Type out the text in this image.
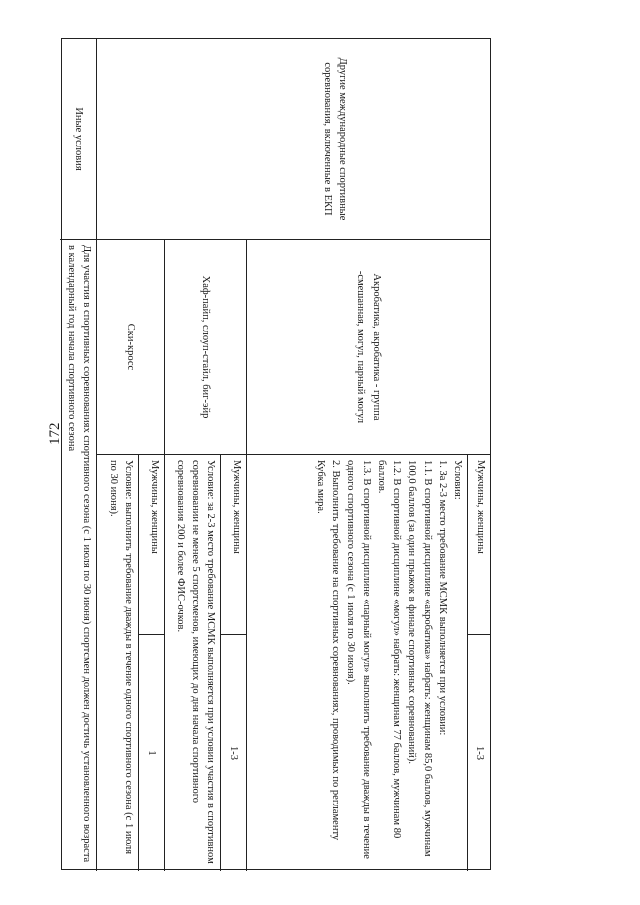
172
Другие международные спортивные соревнования, включенные в ЕКП
Акробатика, акробатика - группа -смешанная, могул, парный могул
Мужчины, женщины
1-3

Условия:

1. За 2-3 место требование МСМК выполняется при условии:

1.1. В спортивной дисциплине «акробатика» набрать: женщинам 85,0 баллов, мужчинам 100,0 баллов (за один прыжок в финале спортивных соревнований).

1.2. В спортивной дисциплине «могул» набрать: женщинам 77 баллов, мужчинам 80 баллов.

1.3. В спортивной дисциплине «парный могул» выполнить требование дважды в течение одного спортивного сезона (с 1 июля по 30 июня).

2. Выполнить требование на спортивных соревнованиях, проводимых по регламенту Кубка мира.

Хаф-пайп, слоуп-стайл, биг-эйр
Мужчины, женщины
1-3

Условие: за 2-3 место требование МСМК выполняется при условии участия в спортивном соревновании не менее 5 спортсменов, имеющих до дня начала спортивного соревнования 200 и более ФИС-очков.

Ски-кросс
Мужчины, женщины
1

Условие: выполнить требование дважды в течение одного спортивного сезона (с 1 июля по 30 июня).

Иные условия
Для участия в спортивных соревнованиях спортивного сезона (с 1 июля по 30 июня) спортсмен должен достичь установленного возраста в календарный год начала спортивного сезона
